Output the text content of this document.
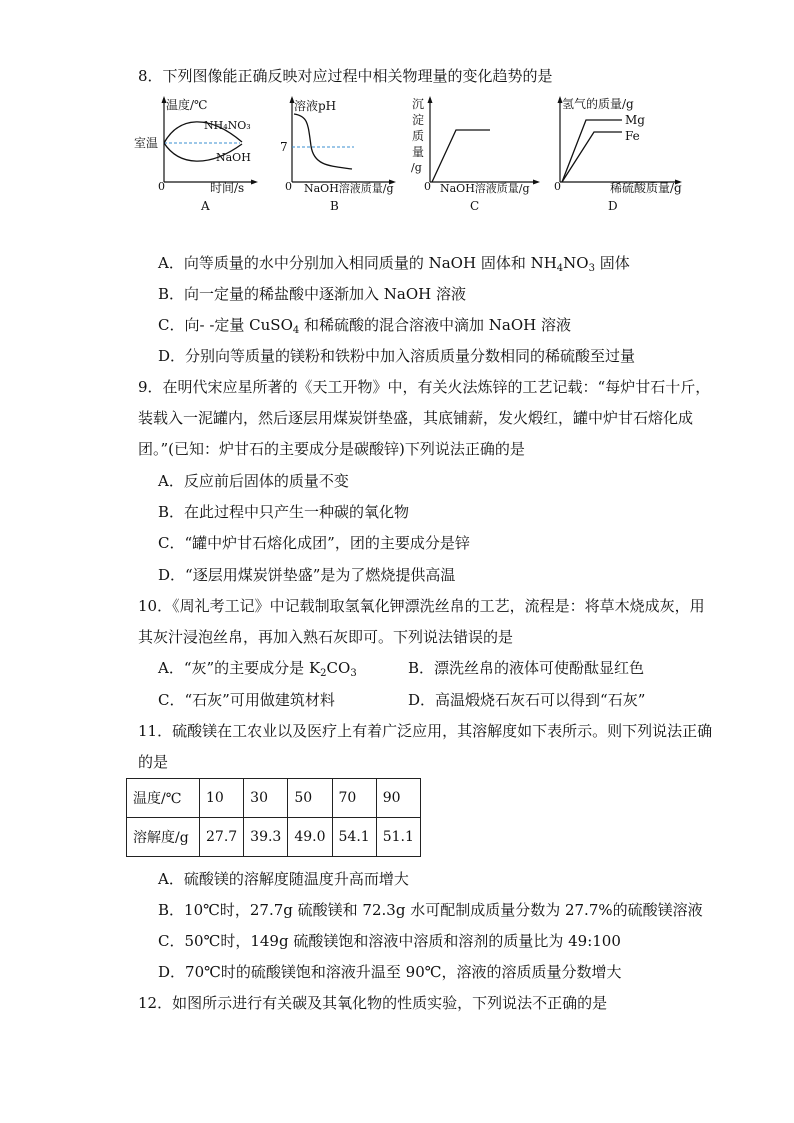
8．下列图像能正确反映对应过程中相关物理量的变化趋势的是
温度/℃
室温
NH₄NO₃
NaOH
0	时间/s
A
溶液pH
7
0 NaOH溶液质量/g
B
沉
淀
质
量
/g
0 NaOH溶液质量/g
C
氢气的质量/g
Mg
Fe
0	稀硫酸质量/g
D
A．向等质量的水中分别加入相同质量的 NaOH 固体和 $NH_4NO_3$ 固体
B．向一定量的稀盐酸中逐渐加入 NaOH 溶液
C．向- -定量 CuSO$_4$ 和稀硫酸的混合溶液中滴加 NaOH 溶液
D．分别向等质量的镁粉和铁粉中加入溶质质量分数相同的稀硫酸至过量
9．在明代宋应星所著的《天工开物》中，有关火法炼锌的工艺记载：“每炉甘石十斤，
装载入一泥罐内，然后逐层用煤炭饼垫盛，其底铺薪，发火煅红，罐中炉甘石熔化成
团。”(已知：炉甘石的主要成分是碳酸锌)下列说法正确的是
A．反应前后固体的质量不变
B．在此过程中只产生一种碳的氧化物
C．“罐中炉甘石熔化成团”，团的主要成分是锌
D．“逐层用煤炭饼垫盛”是为了燃烧提供高温
10．《周礼考工记》中记载制取氢氧化钾漂洗丝帛的工艺，流程是：将草木烧成灰，用
其灰汁浸泡丝帛，再加入熟石灰即可。下列说法错误的是
A．“灰”的主要成分是 $K_2CO_3$	B．漂洗丝帛的液体可使酚酞显红色
C．“石灰”可用做建筑材料	D．高温煅烧石灰石可以得到“石灰”
11．硫酸镁在工农业以及医疗上有着广泛应用，其溶解度如下表所示。则下列说法正确
的是
温度/℃	10	30	50	70	90
溶解度/g	27.7	39.3	49.0	54.1	51.1
A．硫酸镁的溶解度随温度升高而增大
B．10℃时，27.7g 硫酸镁和 72.3g 水可配制成质量分数为 27.7%的硫酸镁溶液
C．50℃时，149g 硫酸镁饱和溶液中溶质和溶剂的质量比为 49:100
D．70℃时的硫酸镁饱和溶液升温至 90℃，溶液的溶质质量分数增大
12．如图所示进行有关碳及其氧化物的性质实验，下列说法不正确的是
